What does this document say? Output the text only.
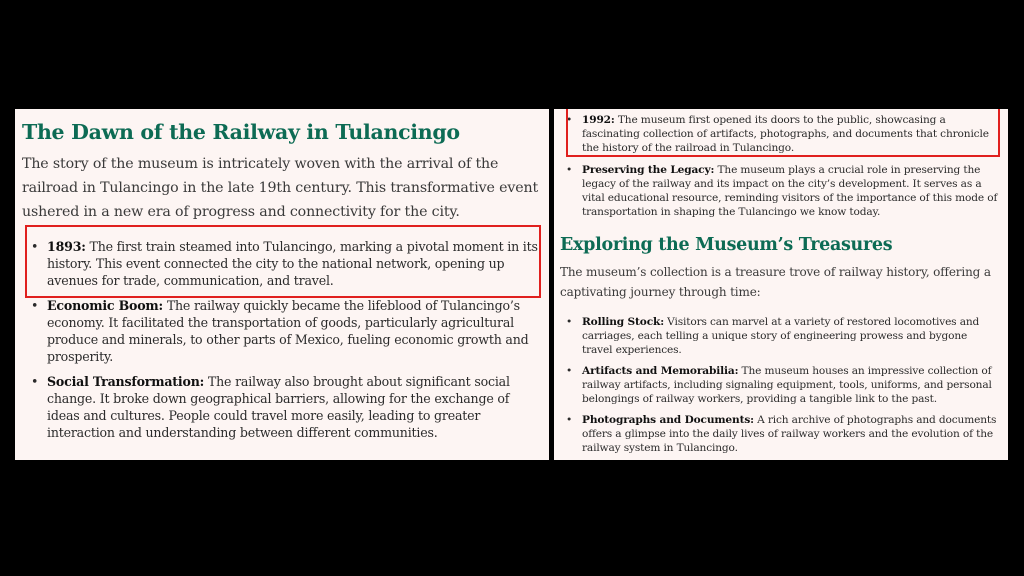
The Dawn of the Railway in Tulancingo

The story of the museum is intricately woven with the arrival of the railroad in Tulancingo in the late 19th century. This transformative event ushered in a new era of progress and connectivity for the city.

• 1893: The first train steamed into Tulancingo, marking a pivotal moment in its history. This event connected the city to the national network, opening up avenues for trade, communication, and travel.
• Economic Boom: The railway quickly became the lifeblood of Tulancingo’s economy. It facilitated the transportation of goods, particularly agricultural produce and minerals, to other parts of Mexico, fueling economic growth and prosperity.
• Social Transformation: The railway also brought about significant social change. It broke down geographical barriers, allowing for the exchange of ideas and cultures. People could travel more easily, leading to greater interaction and understanding between different communities.
• 1992: The museum first opened its doors to the public, showcasing a fascinating collection of artifacts, photographs, and documents that chronicle the history of the railroad in Tulancingo.
• Preserving the Legacy: The museum plays a crucial role in preserving the legacy of the railway and its impact on the city’s development. It serves as a vital educational resource, reminding visitors of the importance of this mode of transportation in shaping the Tulancingo we know today.
Exploring the Museum’s Treasures

The museum’s collection is a treasure trove of railway history, offering a captivating journey through time:

• Rolling Stock: Visitors can marvel at a variety of restored locomotives and carriages, each telling a unique story of engineering prowess and bygone travel experiences.
• Artifacts and Memorabilia: The museum houses an impressive collection of railway artifacts, including signaling equipment, tools, uniforms, and personal belongings of railway workers, providing a tangible link to the past.
• Photographs and Documents: A rich archive of photographs and documents offers a glimpse into the daily lives of railway workers and the evolution of the railway system in Tulancingo.
